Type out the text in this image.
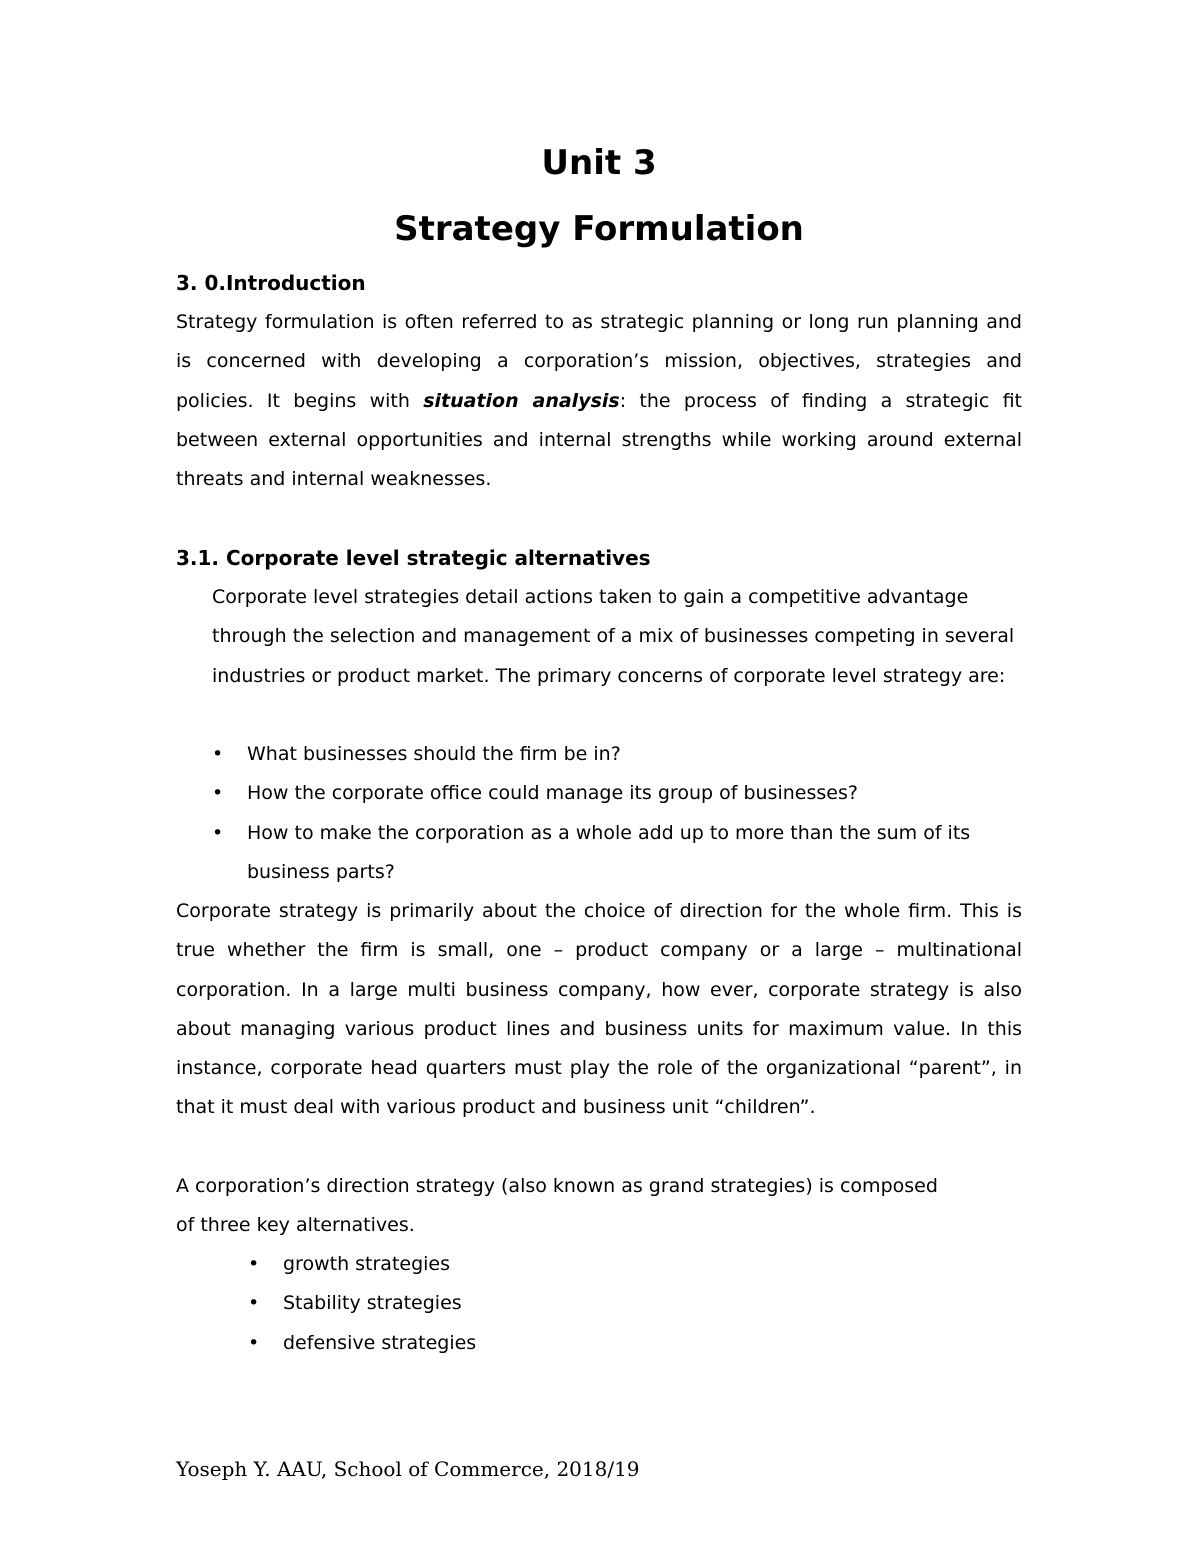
Unit 3
Strategy Formulation
3. 0.Introduction
Strategy formulation is often referred to as strategic planning or long run planning and is concerned with developing a corporation’s mission, objectives, strategies and policies. It begins with situation analysis: the process of finding a strategic fit between external opportunities and internal strengths while working around external threats and internal weaknesses.
3.1. Corporate level strategic alternatives
Corporate level strategies detail actions taken to gain a competitive advantage through the selection and management of a mix of businesses competing in several industries or product market. The primary concerns of corporate level strategy are:
• What businesses should the firm be in?
• How the corporate office could manage its group of businesses?
• How to make the corporation as a whole add up to more than the sum of its business parts?
Corporate strategy is primarily about the choice of direction for the whole firm. This is true whether the firm is small, one – product company or a large – multinational corporation. In a large multi business company, how ever, corporate strategy is also about managing various product lines and business units for maximum value. In this instance, corporate head quarters must play the role of the organizational “parent”, in that it must deal with various product and business unit “children”.
A corporation’s direction strategy (also known as grand strategies) is composed of three key alternatives.
• growth strategies
• Stability strategies
• defensive strategies
Yoseph Y. AAU, School of Commerce, 2018/19
